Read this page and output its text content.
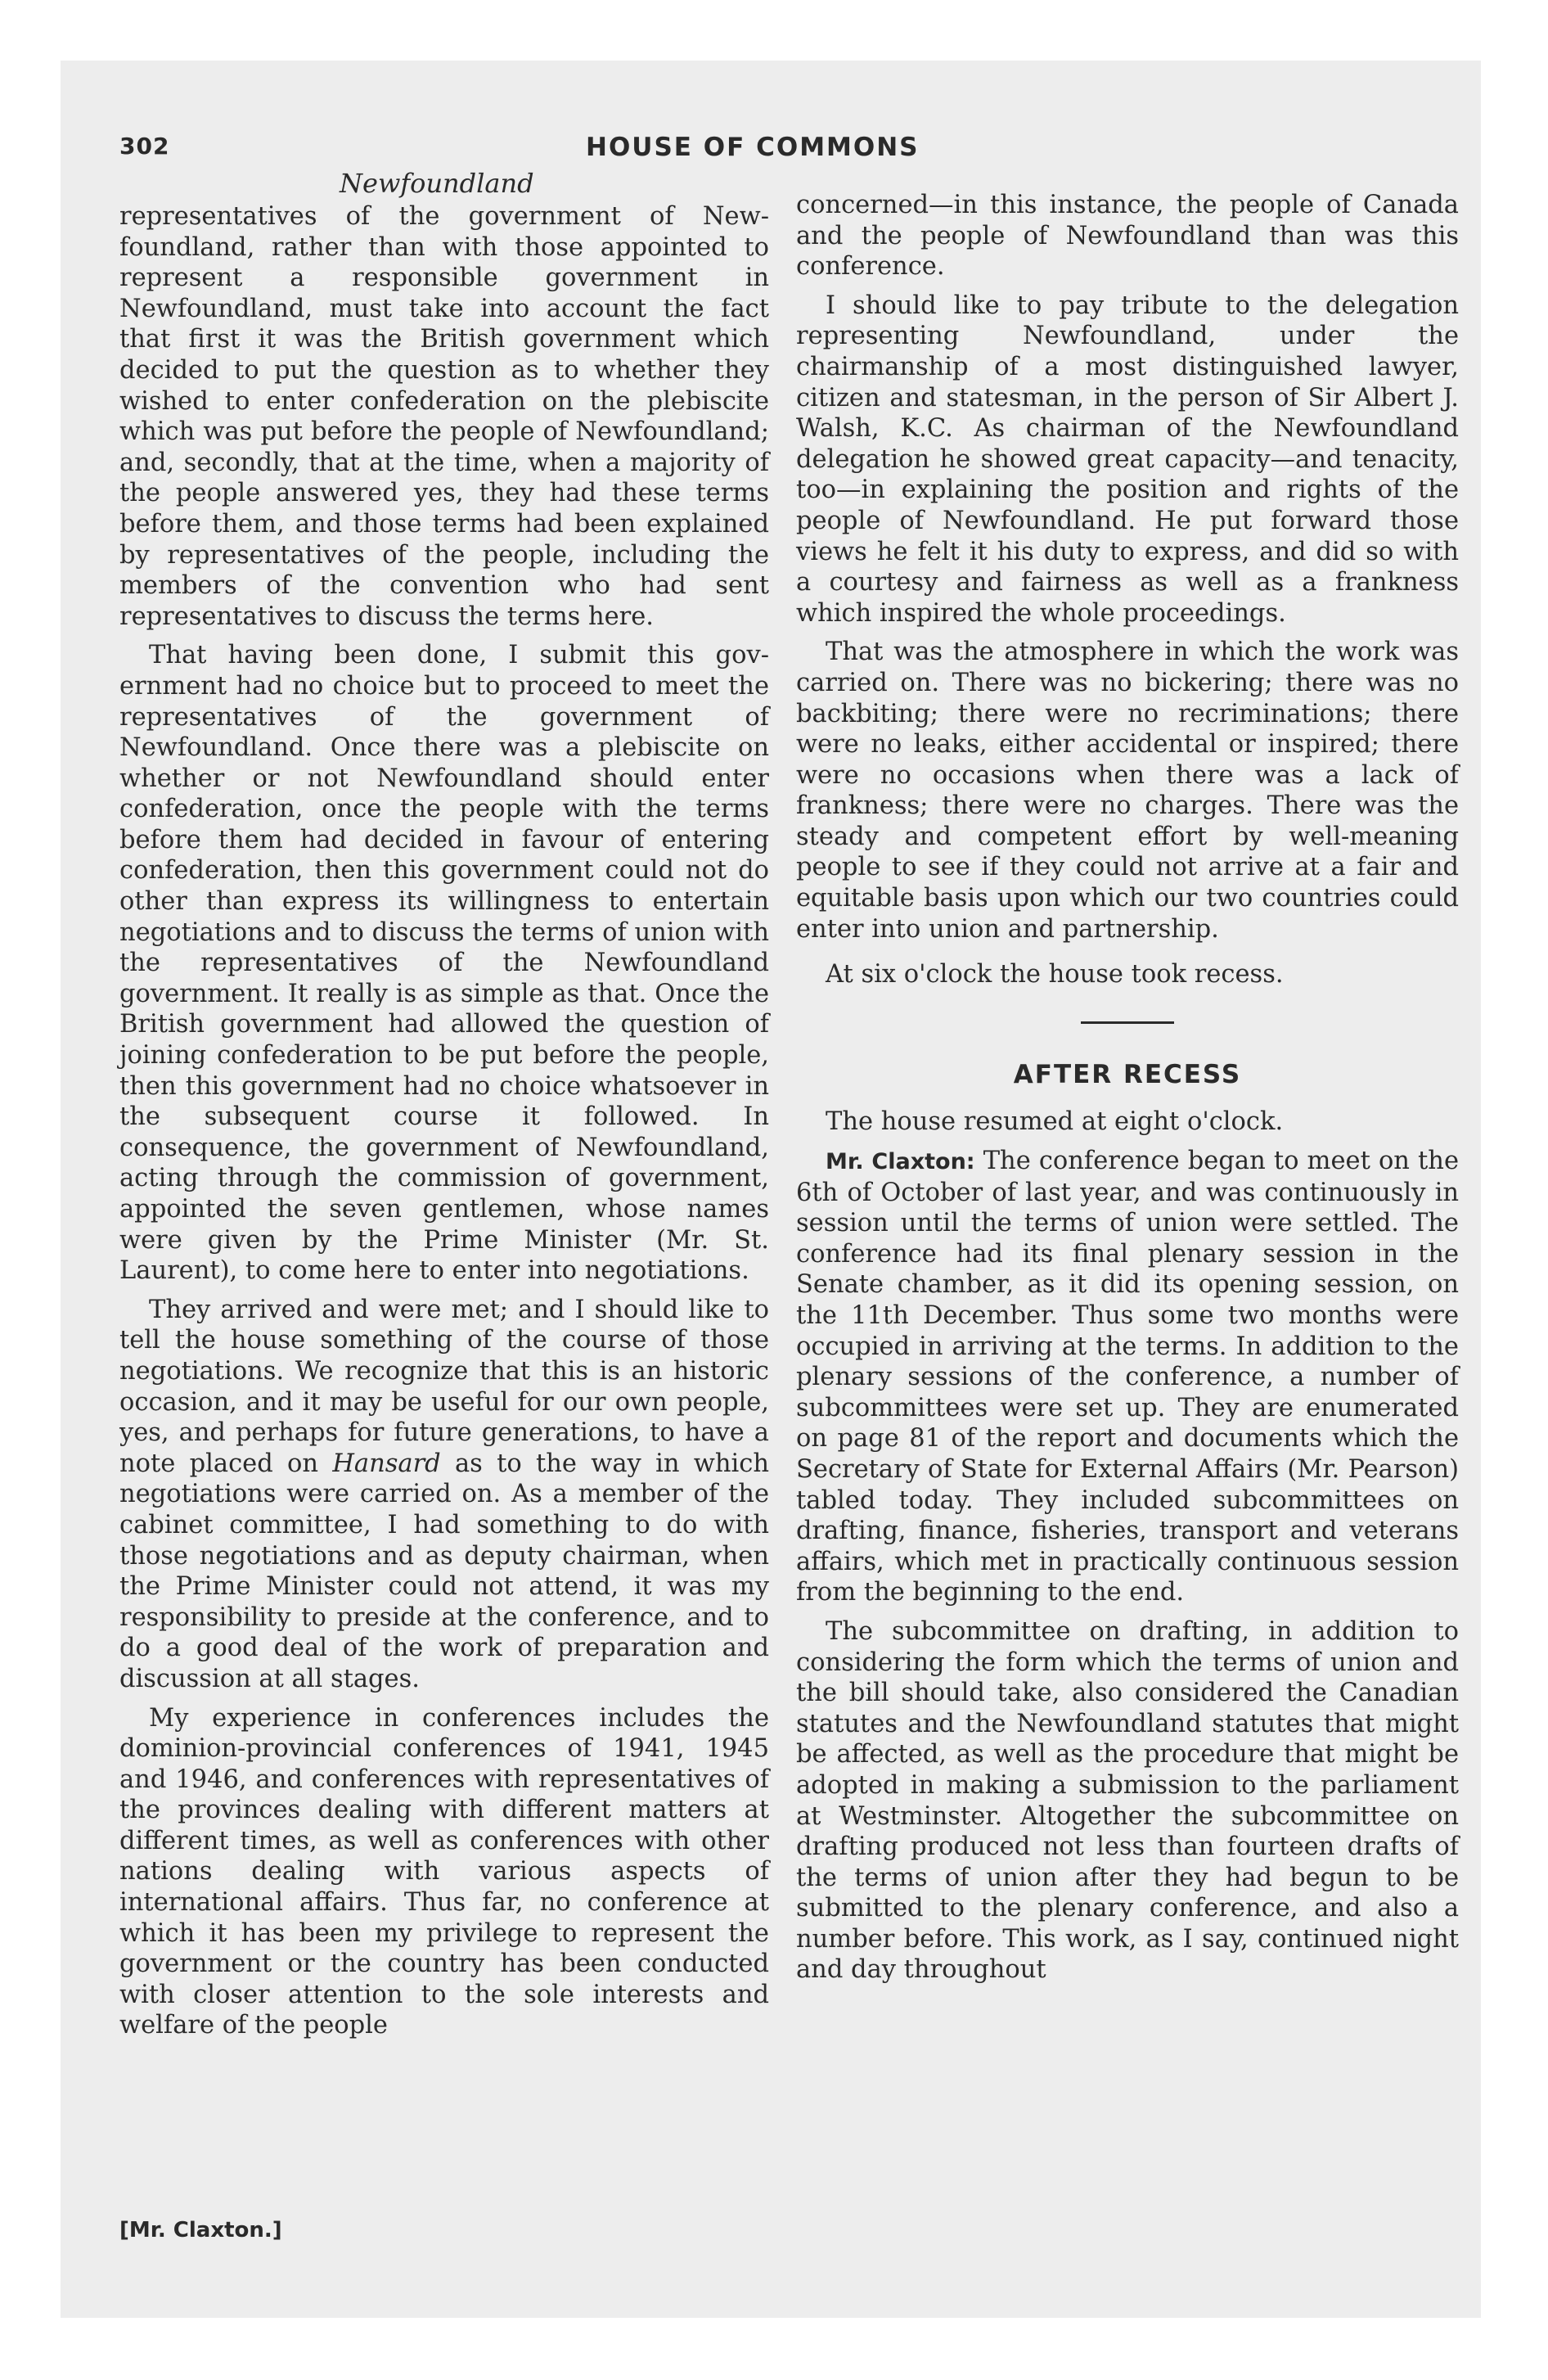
302	HOUSE OF COMMONS
Newfoundland

representatives of the government of Newfoundland, rather than with those appointed to represent a responsible government in Newfoundland, must take into account the fact that first it was the British government which decided to put the question as to whether they wished to enter confederation on the plebiscite which was put before the people of Newfoundland; and, secondly, that at the time, when a majority of the people answered yes, they had these terms before them, and those terms had been explained by representatives of the people, including the members of the convention who had sent representatives to discuss the terms here.

That having been done, I submit this government had no choice but to proceed to meet the representatives of the government of Newfoundland. Once there was a plebiscite on whether or not Newfoundland should enter confederation, once the people with the terms before them had decided in favour of entering confederation, then this government could not do other than express its willingness to entertain negotiations and to discuss the terms of union with the representatives of the Newfoundland government. It really is as simple as that. Once the British government had allowed the question of joining confederation to be put before the people, then this government had no choice whatsoever in the subsequent course it followed. In consequence, the government of Newfoundland, acting through the commission of government, appointed the seven gentlemen, whose names were given by the Prime Minister (Mr. St. Laurent), to come here to enter into negotiations.

They arrived and were met; and I should like to tell the house something of the course of those negotiations. We recognize that this is an historic occasion, and it may be useful for our own people, yes, and perhaps for future generations, to have a note placed on Hansard as to the way in which negotiations were carried on. As a member of the cabinet committee, I had something to do with those negotiations and as deputy chairman, when the Prime Minister could not attend, it was my responsibility to preside at the conference, and to do a good deal of the work of preparation and discussion at all stages.

My experience in conferences includes the dominion-provincial conferences of 1941, 1945 and 1946, and conferences with representatives of the provinces dealing with different matters at different times, as well as conferences with other nations dealing with various aspects of international affairs. Thus far, no conference at which it has been my privilege to represent the government or the country has been conducted with closer attention to the sole interests and welfare of the people

concerned—in this instance, the people of Canada and the people of Newfoundland than was this conference.

I should like to pay tribute to the delegation representing Newfoundland, under the chairmanship of a most distinguished lawyer, citizen and statesman, in the person of Sir Albert J. Walsh, K.C. As chairman of the Newfoundland delegation he showed great capacity—and tenacity, too—in explaining the position and rights of the people of Newfoundland. He put forward those views he felt it his duty to express, and did so with a courtesy and fairness as well as a frankness which inspired the whole proceedings.

That was the atmosphere in which the work was carried on. There was no bickering; there was no backbiting; there were no recriminations; there were no leaks, either accidental or inspired; there were no occasions when there was a lack of frankness; there were no charges. There was the steady and competent effort by well-meaning people to see if they could not arrive at a fair and equitable basis upon which our two countries could enter into union and partnership.

At six o'clock the house took recess.

AFTER RECESS

The house resumed at eight o'clock.

Mr. Claxton: The conference began to meet on the 6th of October of last year, and was continuously in session until the terms of union were settled. The conference had its final plenary session in the Senate chamber, as it did its opening session, on the 11th December. Thus some two months were occupied in arriving at the terms. In addition to the plenary sessions of the conference, a number of subcommittees were set up. They are enumerated on page 81 of the report and documents which the Secretary of State for External Affairs (Mr. Pearson) tabled today. They included subcommittees on drafting, finance, fisheries, transport and veterans affairs, which met in practically continuous session from the beginning to the end.

The subcommittee on drafting, in addition to considering the form which the terms of union and the bill should take, also considered the Canadian statutes and the Newfoundland statutes that might be affected, as well as the procedure that might be adopted in making a submission to the parliament at Westminster. Altogether the subcommittee on drafting produced not less than fourteen drafts of the terms of union after they had begun to be submitted to the plenary conference, and also a number before. This work, as I say, continued night and day throughout

[Mr. Claxton.]
